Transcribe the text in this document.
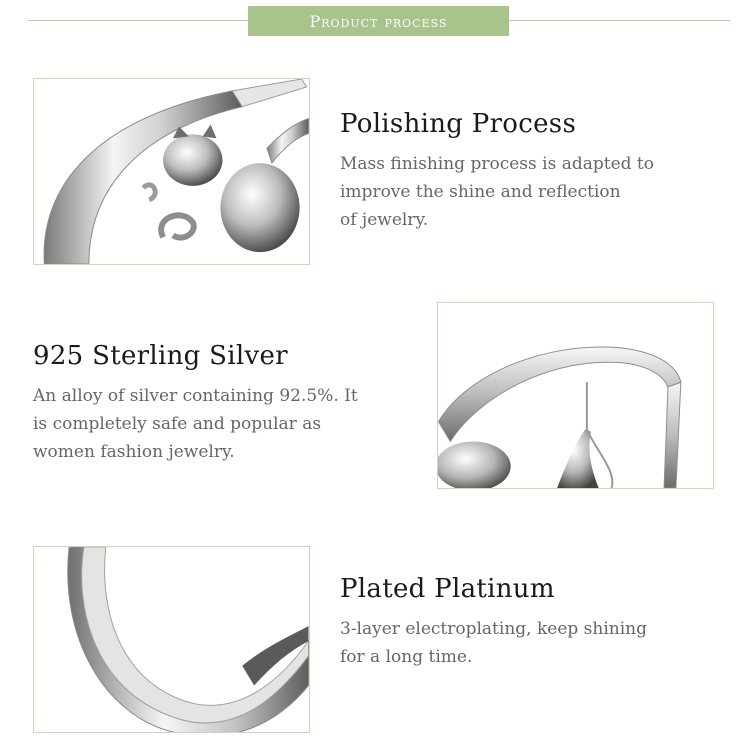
Product process
Polishing Process

Mass finishing process is adapted to
improve the shine and reflection
of jewelry.

925 Sterling Silver

An alloy of silver containing 92.5%. It
is completely safe and popular as
women fashion jewelry.

Plated Platinum

3-layer electroplating, keep shining
for a long time.
